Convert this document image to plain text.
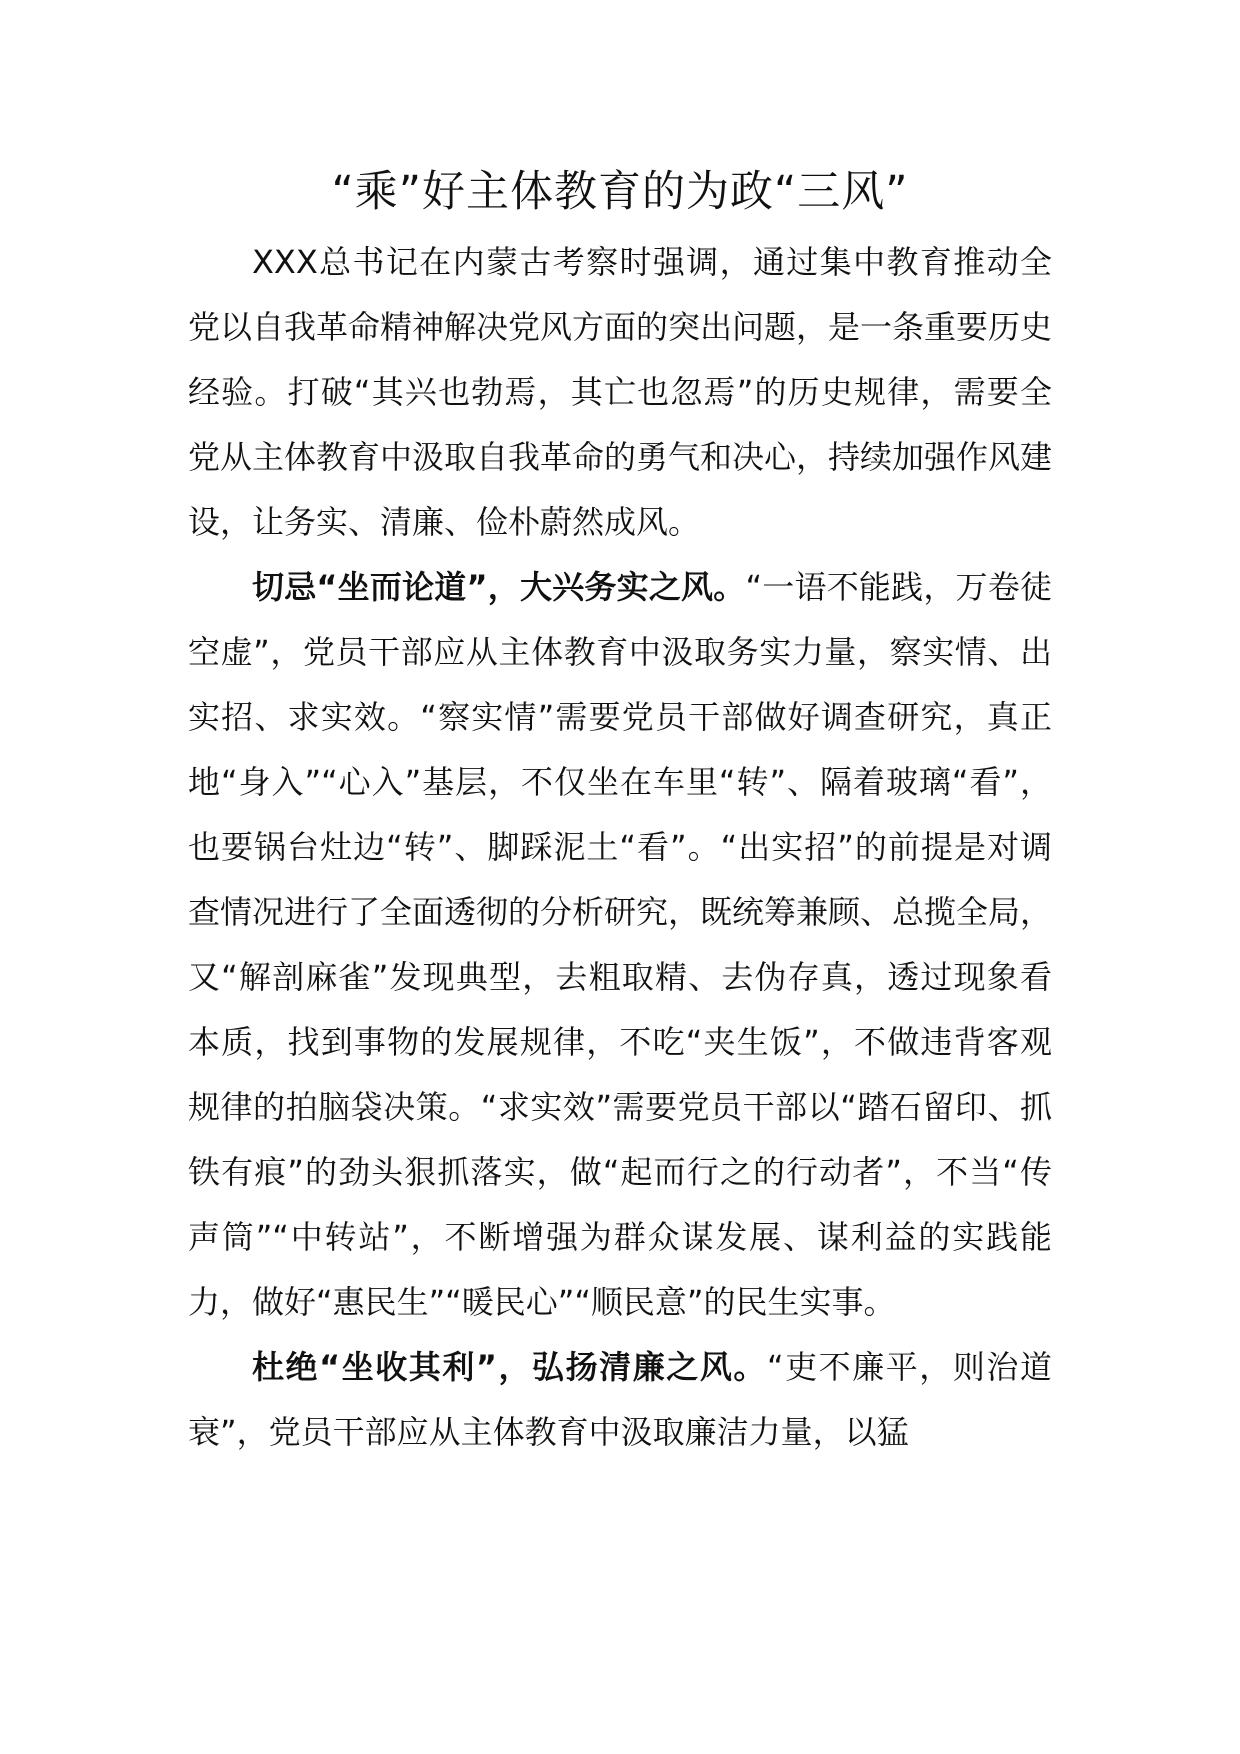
“乘”好主体教育的为政“三风”

XXX总书记在内蒙古考察时强调，通过集中教育推动全党以自我革命精神解决党风方面的突出问题，是一条重要历史经验。打破“其兴也勃焉，其亡也忽焉”的历史规律，需要全党从主体教育中汲取自我革命的勇气和决心，持续加强作风建设，让务实、清廉、俭朴蔚然成风。

切忌“坐而论道”，大兴务实之风。“一语不能践，万卷徒空虚”，党员干部应从主体教育中汲取务实力量，察实情、出实招、求实效。“察实情”需要党员干部做好调查研究，真正地“身入”“心入”基层，不仅坐在车里“转”、隔着玻璃“看”，也要锅台灶边“转”、脚踩泥土“看”。“出实招”的前提是对调查情况进行了全面透彻的分析研究，既统筹兼顾、总揽全局，又“解剖麻雀”发现典型，去粗取精、去伪存真，透过现象看本质，找到事物的发展规律，不吃“夹生饭”，不做违背客观规律的拍脑袋决策。“求实效”需要党员干部以“踏石留印、抓铁有痕”的劲头狠抓落实，做“起而行之的行动者”，不当“传声筒”“中转站”，不断增强为群众谋发展、谋利益的实践能力，做好“惠民生”“暖民心”“顺民意”的民生实事。

杜绝“坐收其利”，弘扬清廉之风。“吏不廉平，则治道衰”，党员干部应从主体教育中汲取廉洁力量，以猛
